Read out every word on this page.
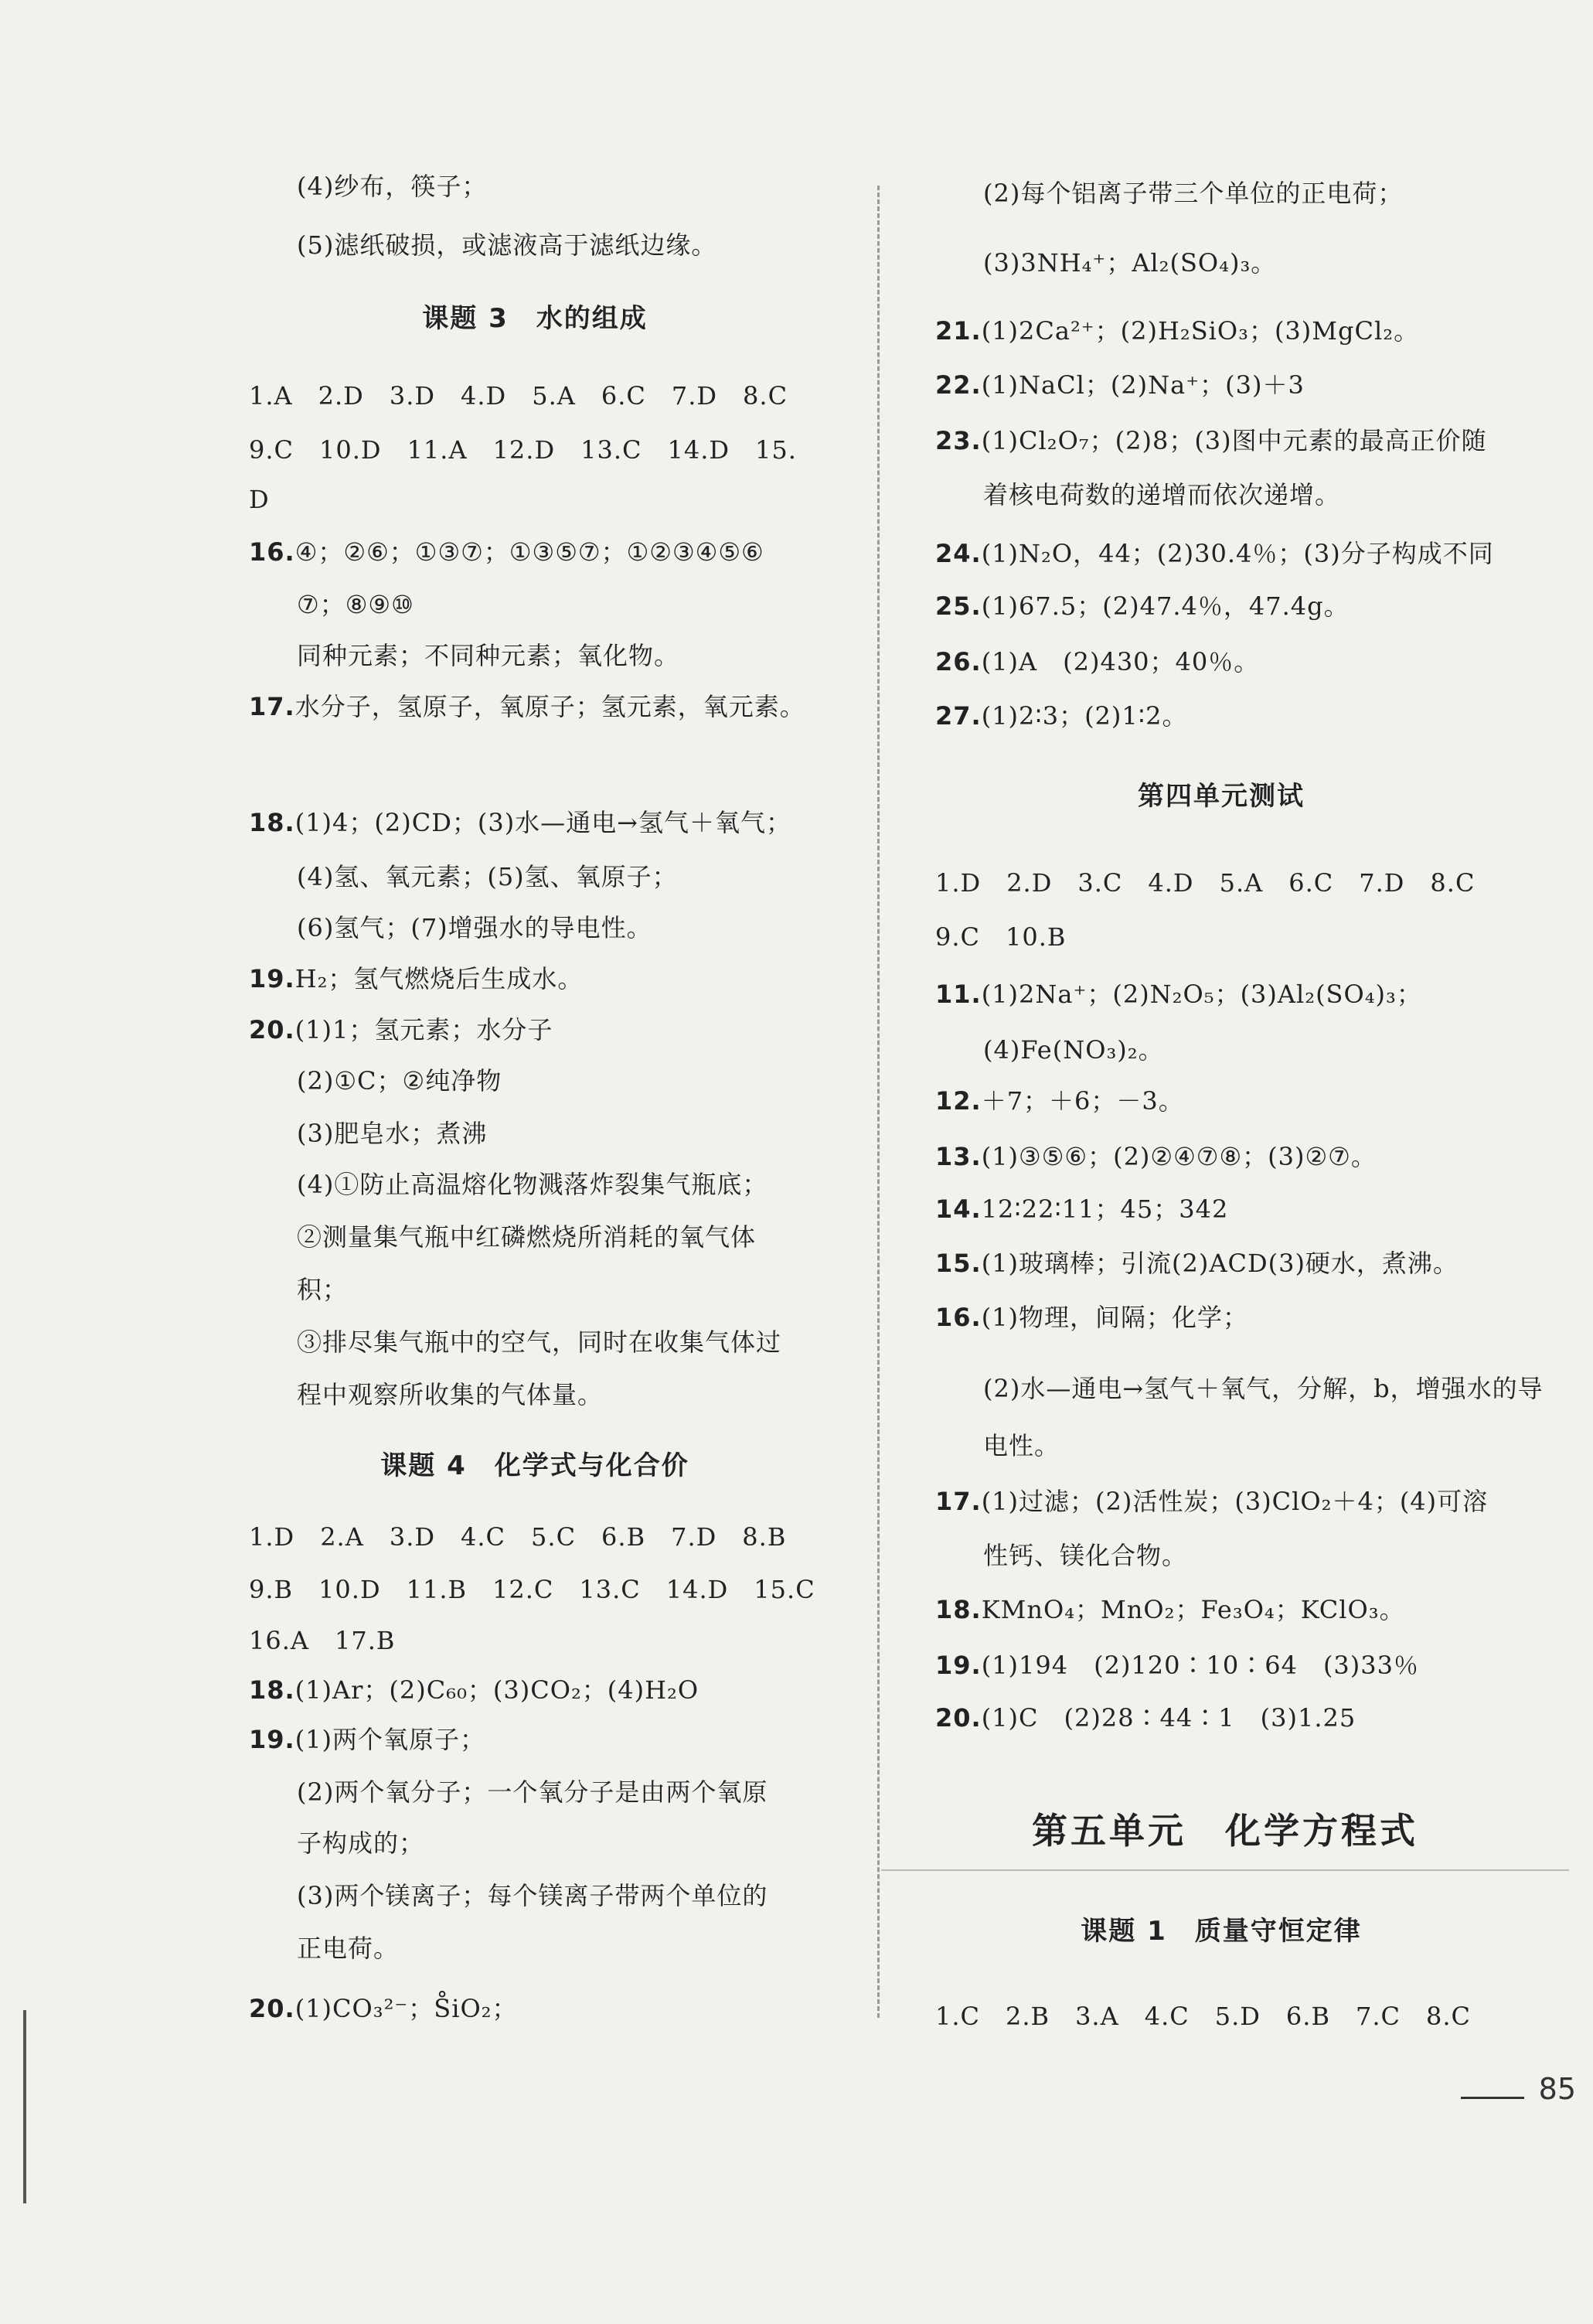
(4)纱布，筷子；
(5)滤纸破损，或滤液高于滤纸边缘。
课题 3　水的组成
1.A　2.D　3.D　4.D　5.A　6.C　7.D　8.C
9.C　10.D　11.A　12.D　13.C　14.D　15.
D
16.④；②⑥；①③⑦；①③⑤⑦；①②③④⑤⑥
⑦；⑧⑨⑩
同种元素；不同种元素；氧化物。
17.水分子，氢原子，氧原子；氢元素，氧元素。
18.(1)4；(2)CD；(3)水—通电→氢气＋氧气；
(4)氢、氧元素；(5)氢、氧原子；
(6)氢气；(7)增强水的导电性。
19.H₂；氢气燃烧后生成水。
20.(1)1；氢元素；水分子
(2)①C；②纯净物
(3)肥皂水；煮沸
(4)①防止高温熔化物溅落炸裂集气瓶底；
②测量集气瓶中红磷燃烧所消耗的氧气体
积；
③排尽集气瓶中的空气，同时在收集气体过
程中观察所收集的气体量。
课题 4　化学式与化合价
1.D　2.A　3.D　4.C　5.C　6.B　7.D　8.B
9.B　10.D　11.B　12.C　13.C　14.D　15.C
16.A　17.B
18.(1)Ar；(2)C₆₀；(3)CO₂；(4)H₂O
19.(1)两个氧原子；
(2)两个氧分子；一个氧分子是由两个氧原
子构成的；
(3)两个镁离子；每个镁离子带两个单位的
正电荷。
20.(1)CO₃²⁻；S̊iO₂；
(2)每个铝离子带三个单位的正电荷；
(3)3NH₄⁺；Al₂(SO₄)₃。
21.(1)2Ca²⁺；(2)H₂SiO₃；(3)MgCl₂。
22.(1)NaCl；(2)Na⁺；(3)＋3
23.(1)Cl₂O₇；(2)8；(3)图中元素的最高正价随
着核电荷数的递增而依次递增。
24.(1)N₂O，44；(2)30.4％；(3)分子构成不同
25.(1)67.5；(2)47.4％，47.4g。
26.(1)A　(2)430；40％。
27.(1)2∶3；(2)1∶2。
第四单元测试
1.D　2.D　3.C　4.D　5.A　6.C　7.D　8.C
9.C　10.B
11.(1)2Na⁺；(2)N₂O₅；(3)Al₂(SO₄)₃；
(4)Fe(NO₃)₂。
12.＋7；＋6；－3。
13.(1)③⑤⑥；(2)②④⑦⑧；(3)②⑦。
14.12∶22∶11；45；342
15.(1)玻璃棒；引流(2)ACD(3)硬水，煮沸。
16.(1)物理，间隔；化学；
(2)水—通电→氢气＋氧气，分解，b，增强水的导
电性。
17.(1)过滤；(2)活性炭；(3)ClO₂＋4；(4)可溶
性钙、镁化合物。
18.KMnO₄；MnO₂；Fe₃O₄；KClO₃。
19.(1)194　(2)120∶10∶64　(3)33％
20.(1)C　(2)28∶44∶1　(3)1.25
课题 1　质量守恒定律
1.C　2.B　3.A　4.C　5.D　6.B　7.C　8.C
第五单元　化学方程式
85
